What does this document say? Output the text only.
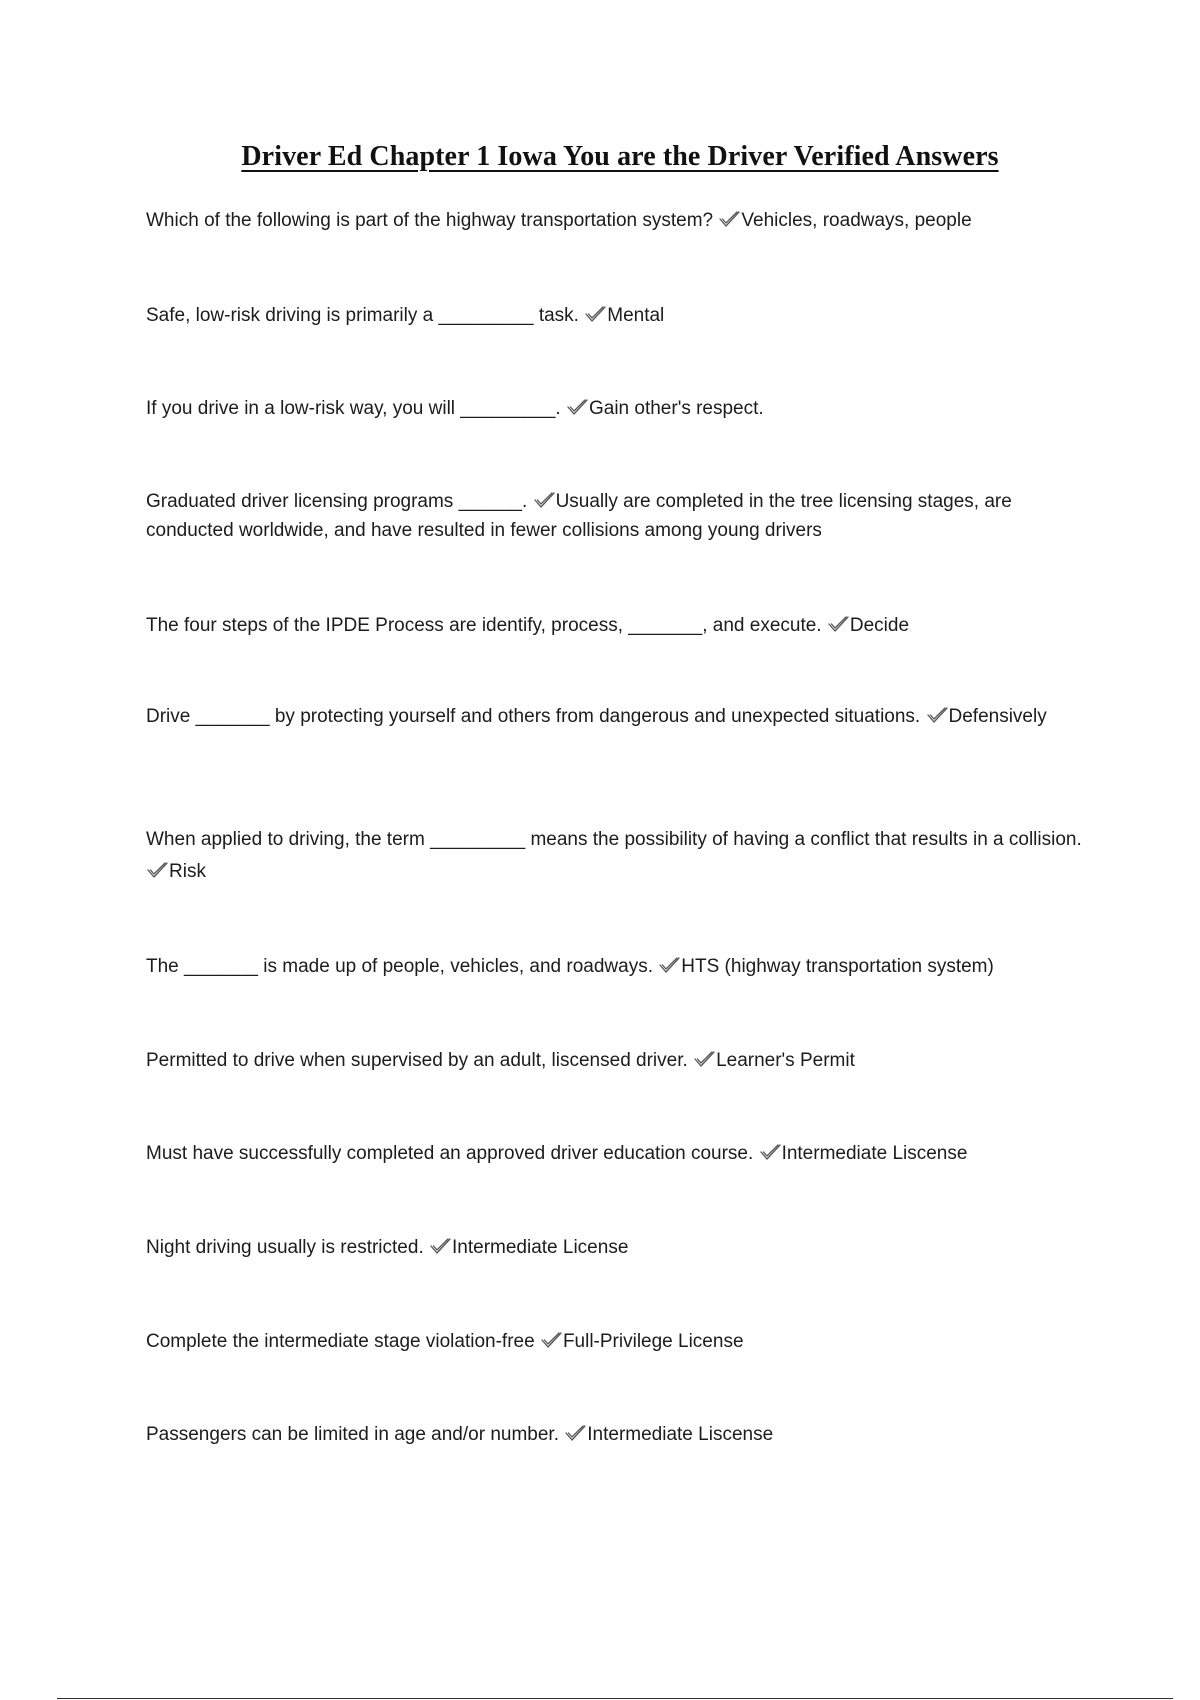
Driver Ed Chapter 1 Iowa You are the Driver Verified Answers

Which of the following is part of the highway transportation system? Vehicles, roadways, people

Safe, low-risk driving is primarily a _________ task. Mental

If you drive in a low-risk way, you will _________. Gain other's respect.

Graduated driver licensing programs ______. Usually are completed in the tree licensing stages, are conducted worldwide, and have resulted in fewer collisions among young drivers

The four steps of the IPDE Process are identify, process, _______, and execute. Decide

Drive _______ by protecting yourself and others from dangerous and unexpected situations. Defensively

When applied to driving, the term _________ means the possibility of having a conflict that results in a collision.
Risk

The _______ is made up of people, vehicles, and roadways. HTS (highway transportation system)

Permitted to drive when supervised by an adult, liscensed driver. Learner's Permit

Must have successfully completed an approved driver education course. Intermediate Liscense

Night driving usually is restricted. Intermediate License

Complete the intermediate stage violation-free Full-Privilege License

Passengers can be limited in age and/or number. Intermediate Liscense
